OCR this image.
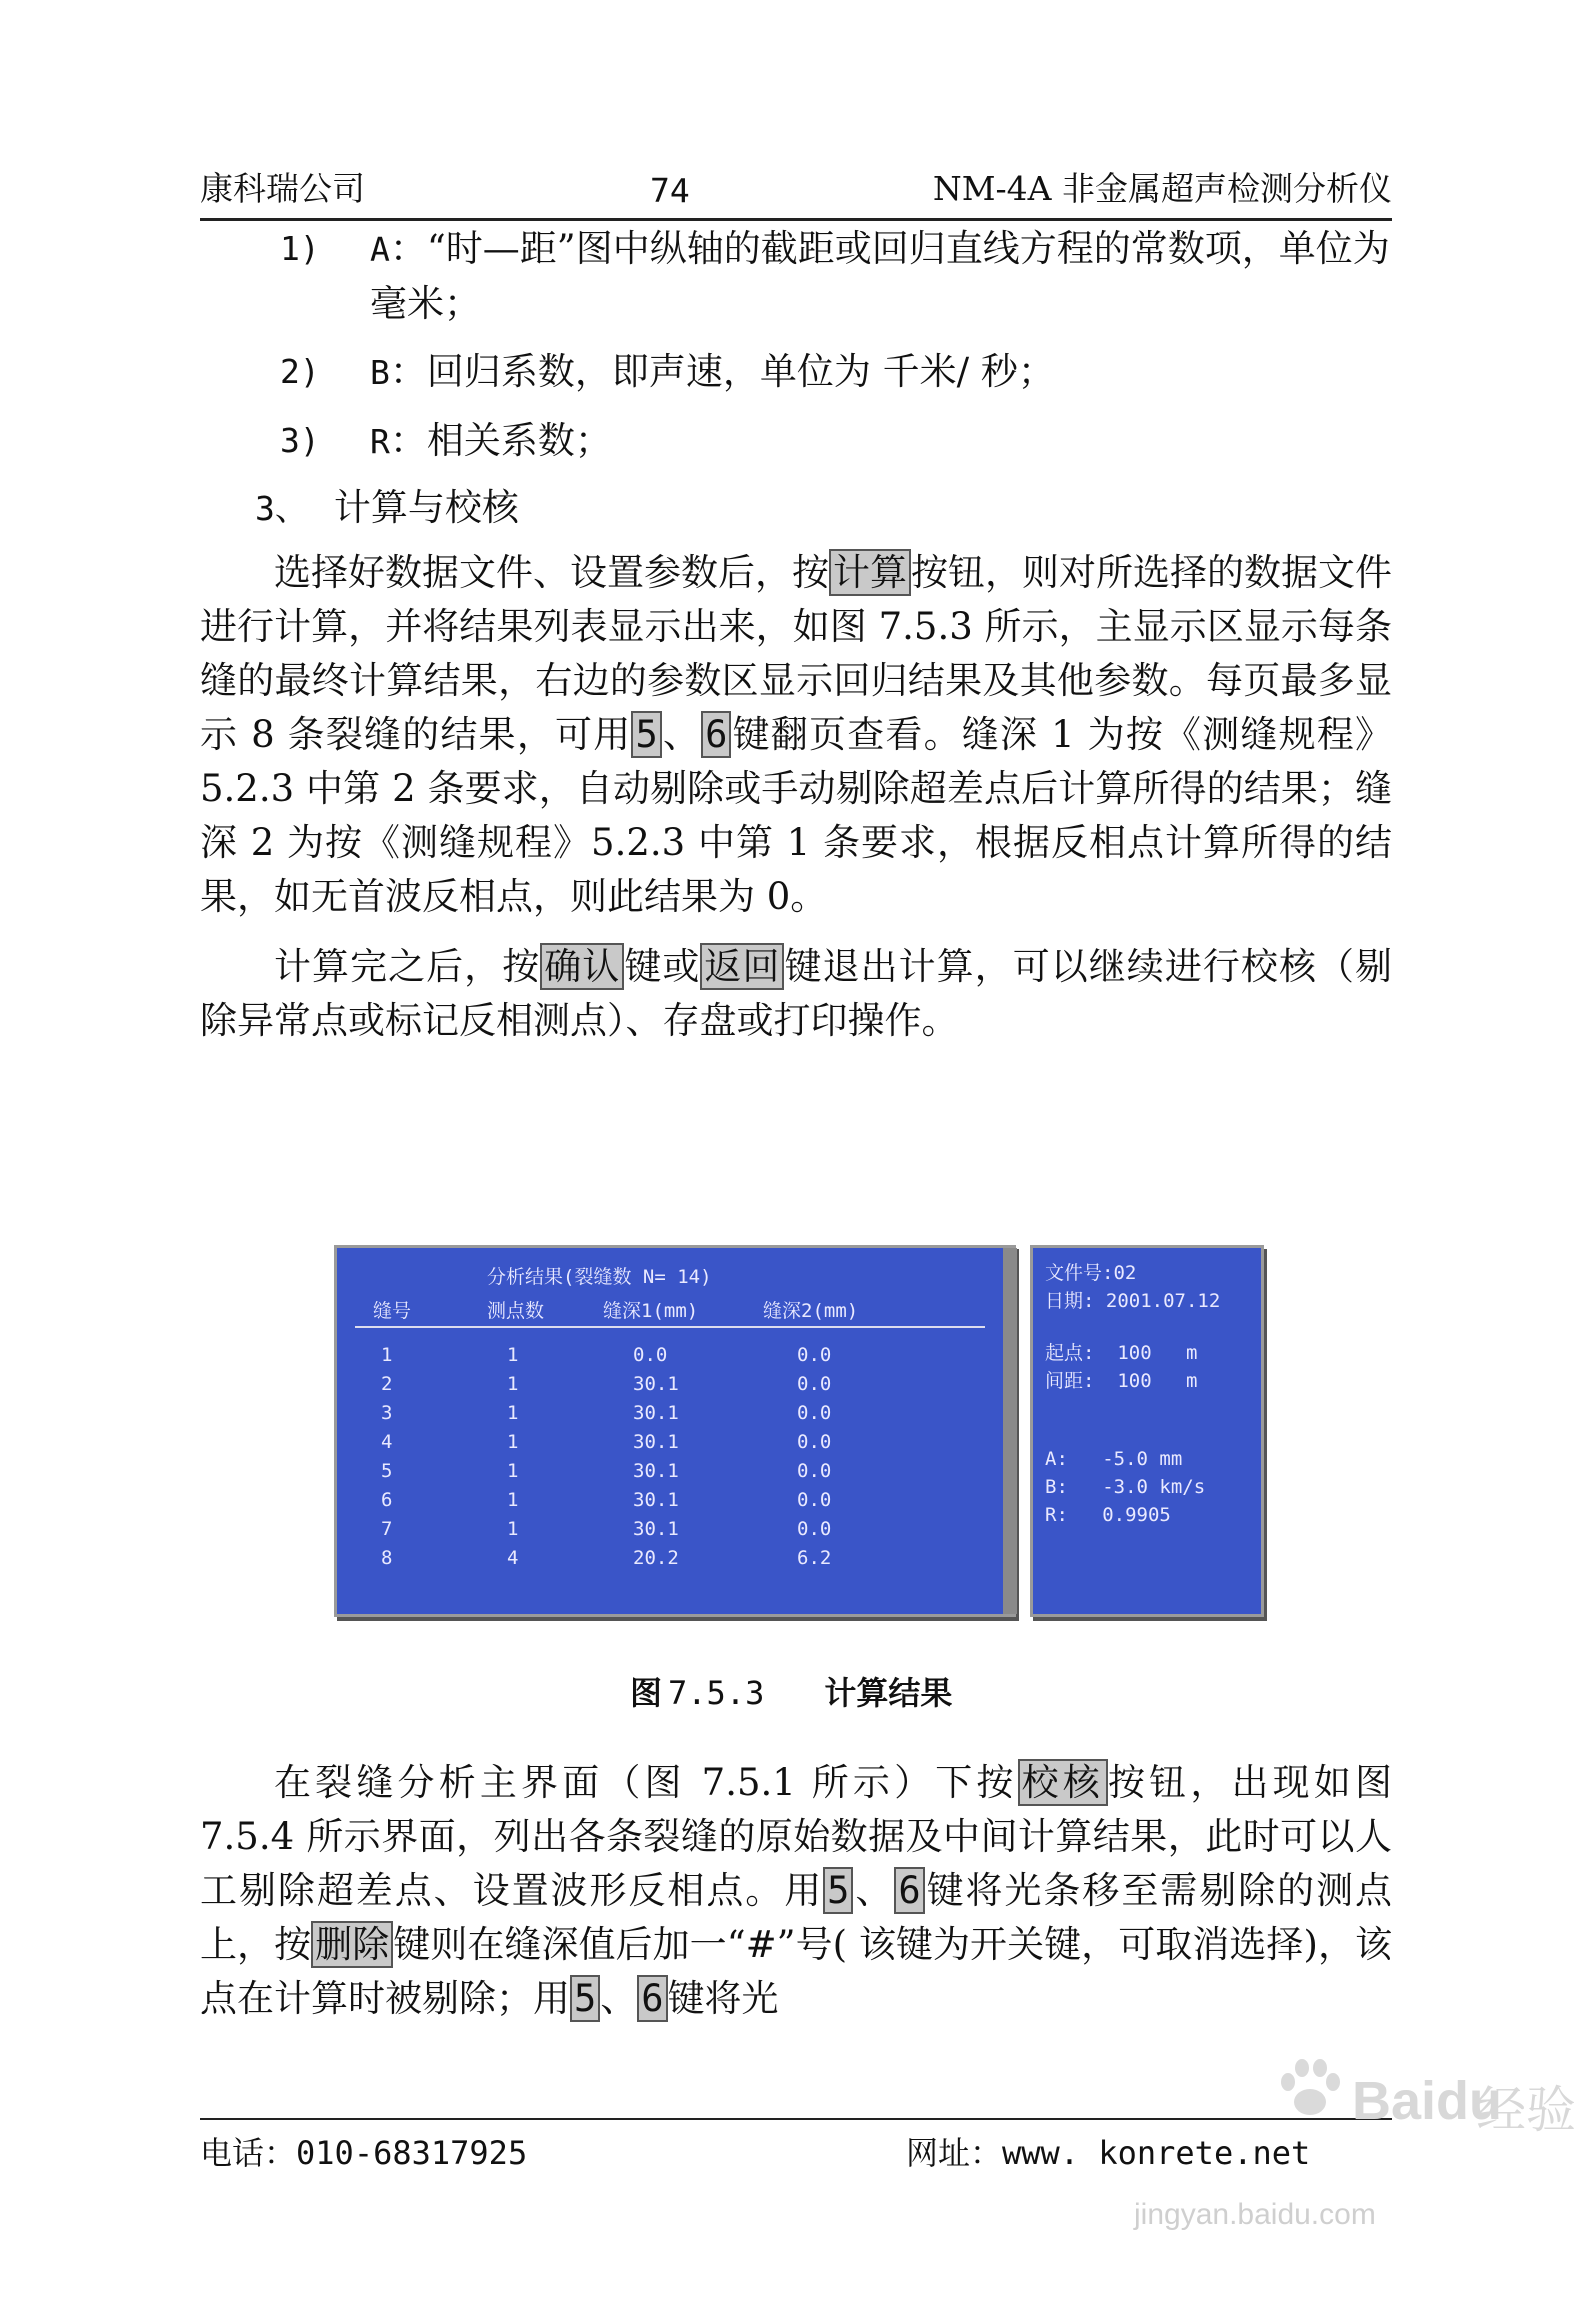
康科瑞公司	74	NM-4A 非金属超声检测分析仪
1) A：“时—距”图中纵轴的截距或回归直线方程的常数项，单位为 毫米；
2) B：回归系数，即声速，单位为 千米/ 秒；
3) R：相关系数；
3、 计算与校核

选择好数据文件、设置参数后，按 计算 按钮，则对所选择的数据文件进行计算，并将结果列表显示出来，如图 7.5.3 所示，主显示区显示每条缝的最终计算结果，右边的参数区显示回归结果及其他参数。每页最多显示 8 条裂缝的结果，可用 5 、 6 键翻页查看。缝深 1 为按《测缝规程》5.2.3 中第 2 条要求，自动剔除或手动剔除超差点后计算所得的结果；缝深 2 为按《测缝规程》5.2.3 中第 1 条要求，根据反相点计算所得的结果，如无首波反相点，则此结果为 0。

计算完之后，按 确认 键或 返回 键退出计算，可以继续进行校核（剔除异常点或标记反相测点）、存盘或打印操作。

分析结果(裂缝数 N= 14)
缝号	测点数	缝深1(mm)	缝深2(mm)
1	1	0.0	0.0
2	1	30.1	0.0
3	1	30.1	0.0
4	1	30.1	0.0
5	1	30.1	0.0
6	1	30.1	0.0
7	1	30.1	0.0
8	4	20.2	6.2
文件号:02
日期: 2001.07.12
起点:  100   m
间距:  100   m
A:   -5.0 mm
B:   -3.0 km/s
R:   0.9905
图 7.5.3 计算结果

在裂缝分析主界面（图 7.5.1 所示）下按 校核 按钮，出现如图 7.5.4 所示界面，列出各条裂缝的原始数据及中间计算结果，此时可以人工剔除超差点、设置波形反相点。用 5 、 6 键将光条移至需剔除的测点上，按 删除 键则在缝深值后加一“#”号( 该键为开关键，可取消选择)，该点在计算时被剔除；用 5 、 6 键将光

电话：010-68317925	网址：www. konrete.net
Baidu
经验
jingyan.baidu.com
